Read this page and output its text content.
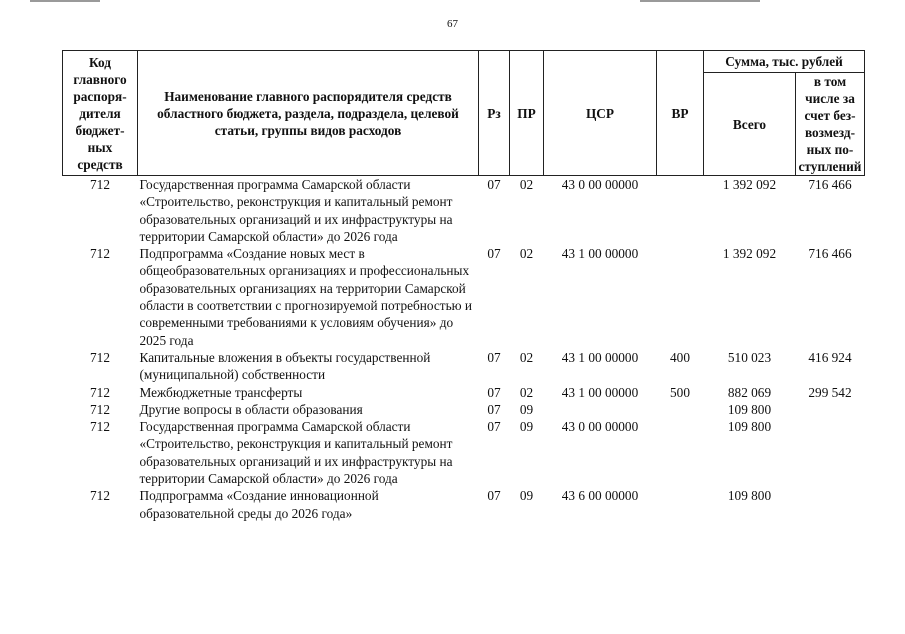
67
Код главного распоря-дителя бюджет-ных средств	Наименование главного распорядителя средств областного бюджета, раздела, подраздела, целевой статьи, группы видов расходов	Рз	ПР	ЦСР	ВР	Сумма, тыс. рублей	
						Всего	в том числе за счет без-возмезд-ных по-ступлений
712	Государственная программа Самарской области «Строительство, реконструкция и капитальный ремонт образовательных организаций и их инфраструктуры на территории Самарской области» до 2026 года	07	02	43 0 00 00000		1 392 092	716 466
712	Подпрограмма «Создание новых мест в общеобразовательных организациях и профессиональных образовательных организациях на территории Самарской области в соответствии с прогнозируемой потребностью и современными требованиями к условиям обучения» до 2025 года	07	02	43 1 00 00000		1 392 092	716 466
712	Капитальные вложения в объекты государственной (муниципальной) собственности	07	02	43 1 00 00000	400	510 023	416 924
712	Межбюджетные трансферты	07	02	43 1 00 00000	500	882 069	299 542
712	Другие вопросы в области образования	07	09			109 800	
712	Государственная программа Самарской области «Строительство, реконструкция и капитальный ремонт образовательных организаций и их инфраструктуры на территории Самарской области» до 2026 года	07	09	43 0 00 00000		109 800	
712	Подпрограмма «Создание инновационной образовательной среды до 2026 года»	07	09	43 6 00 00000		109 800	
